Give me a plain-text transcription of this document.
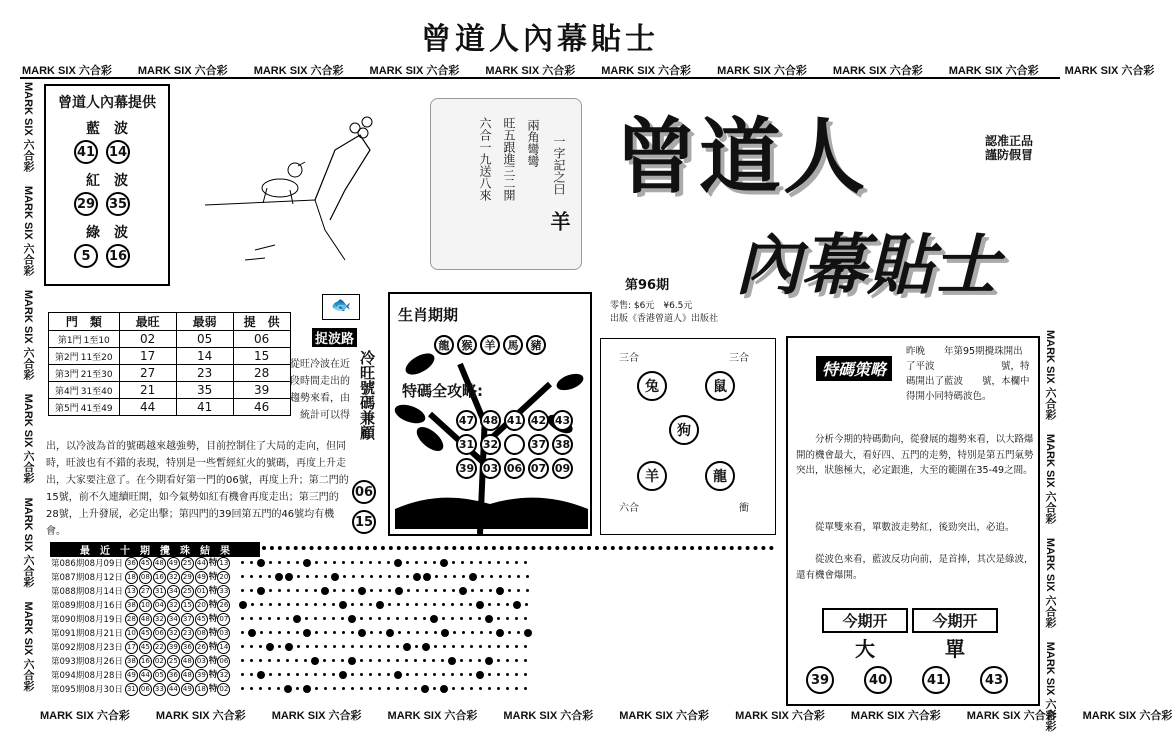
曾道人內幕貼士
MARK SIX 六合彩 MARK SIX 六合彩 MARK SIX 六合彩 MARK SIX 六合彩 MARK SIX 六合彩 MARK SIX 六合彩 MARK SIX 六合彩 MARK SIX 六合彩 MARK SIX 六合彩 MARK SIX 六合彩
MARK SIX 六合彩 MARK SIX 六合彩 MARK SIX 六合彩 MARK SIX 六合彩 MARK SIX 六合彩 MARK SIX 六合彩 MARK SIX 六合彩 MARK SIX 六合彩 MARK SIX 六合彩 MARK SIX 六合彩
MARK SIX 六合彩　 MARK SIX 六合彩　 MARK SIX 六合彩　 MARK SIX 六合彩　 MARK SIX 六合彩　 MARK SIX 六合彩
MARK SIX 六合彩　 MARK SIX 六合彩　 MARK SIX 六合彩　 MARK SIX 六合彩
曾道人內幕提供
藍　波
41 14
紅　波
29 35
綠　波
5	16
一字記之曰
羊
兩角彎彎
旺五跟進三二開
六合一九送八來 曾道人
內幕貼士
認准正品
謹防假冒
第96期
零售: $6元　¥6.5元
出版《香港曾道人》出版社
門　類	最旺	最弱	提　供
第1門 1至10	02	05	06
第2門 11至20	17	14	15
第3門 21至30	27	23	28
第4門 31至40	21	35	39
第5門 41至49	44	41	46
🐟
捉波路
從旺冷波在近段時間走出的趨勢來看，由統計可以得
出，以冷波為首的號碼越來越強勢，目前控制住了大局的走向，但同時，旺波也有不錯的表現，特別是一些暫經紅火的號碼，再度上升走出，大家要注意了。在今期看好第一門的06號，再度上升；第二門的15號，前不久連續旺開，如今氣勢如紅有機會再度走出；第三門的28號，上升發展，必定出擊；第四門的39回第五門的46號均有機會。
冷旺號碼兼顧
06 15
生肖期期
龍 猴 羊 馬 豬
特碼全攻略:
47 48 41 42 43
31 32	37 38
39 03 06 07 09
三合	三合
六合	衝
兔	鼠
狗
羊	龍
特碼策略
昨晚　　年第95期攪珠開出了平波　　　　　　　號，特碼開出了藍波　　號，本欄中得開小同特碼波色。
分析今期的特碼動向，從發展的趨勢來看，以大路爆開的機會最大，看好四、五門的走勢，特別是第五門氣勢突出，狀態極大，必定跟進，大至的範圍在35-49之間。
從單雙來看，單數波走勢紅，後勁突出，必追。
從波色來看，藍波反功向前，是首捧，其次是綠波，還有機會爆開。
今期开
大
今期开
單
39	40	41	43
最　近　十　期　攪　珠　結　果
第086期08月09日	36 45 48 49 25 44 特 13	
第087期08月12日	18 08 16 32 29 49 特 20	
第088期08月14日	13 27 31 34 25 01 特 33	
第089期08月16日	38 10 04 32 15 20 特 26	
第090期08月19日	28 48 32 34 37 45 特 07	
第091期08月21日	10 45 06 32 23 08 特 03	
第092期08月23日	17 45 22 39 36 26 特 14	
第093期08月26日	38 16 02 25 48 03 特 06	
第094期08月28日	49 44 05 36 48 39 特 32	
第095期08月30日	31 06 33 44 49 18 特 02	
